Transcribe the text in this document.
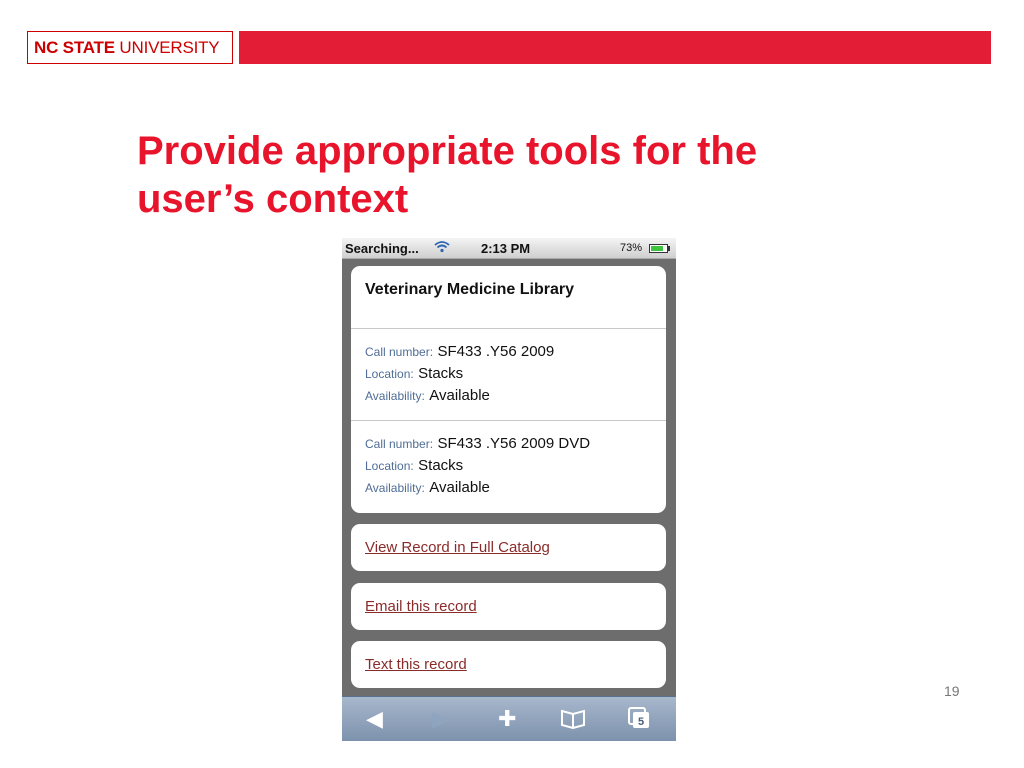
NC STATE UNIVERSITY
Provide appropriate tools for the
user’s context
Searching...	2:13 PM	73%
Veterinary Medicine Library
Call number: SF433 .Y56 2009
Location: Stacks
Availability: Available
Call number: SF433 .Y56 2009 DVD
Location: Stacks
Availability: Available
View Record in Full Catalog
Email this record
Text this record
◀ ▶ ✚	5
19
